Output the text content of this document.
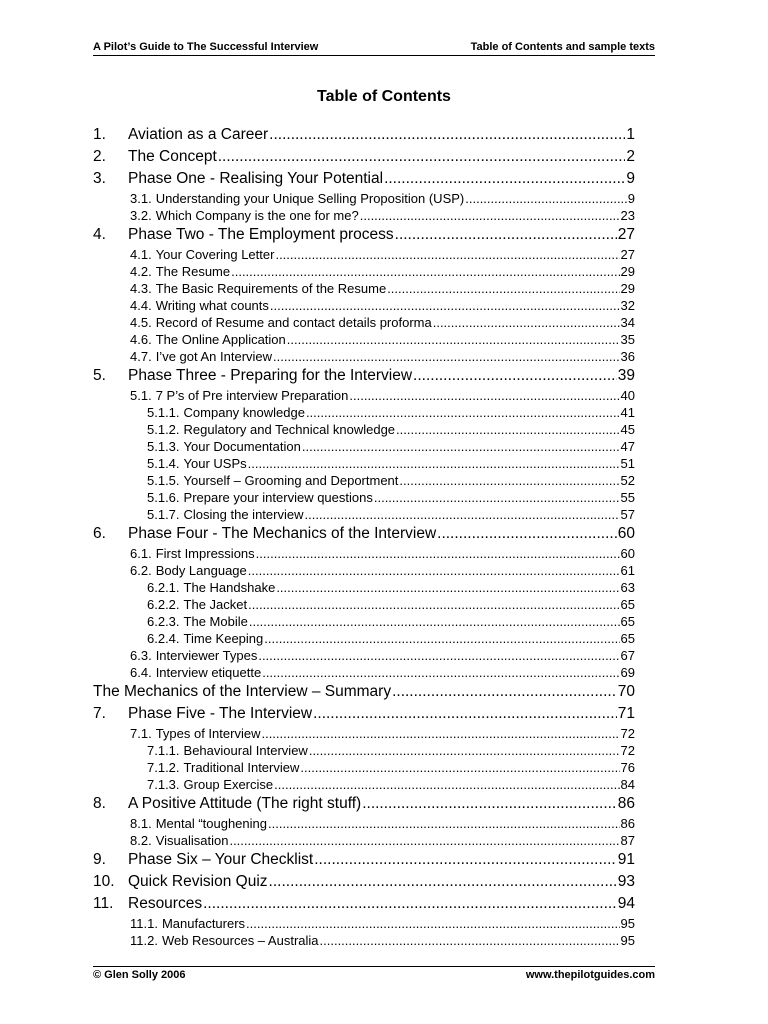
A Pilot’s Guide to The Successful Interview	Table of Contents and sample texts
Table of Contents
1.	Aviation as a Career .....	1
2.	The Concept .....	2
3.	Phase One - Realising Your Potential .....	9
3.1. Understanding your Unique Selling Proposition (USP) .....	9
3.2. Which Company is the one for me? .....	23
4.	Phase Two - The Employment process .....	27
4.1. Your Covering Letter .....	27
4.2. The Resume .....	29
4.3. The Basic Requirements of the Resume .....	29
4.4. Writing what counts .....	32
4.5. Record of Resume and contact details proforma .....	34
4.6. The Online Application .....	35
4.7. I’ve got An Interview .....	36
5.	Phase Three - Preparing for the Interview .....	39
5.1. 7 P’s of Pre interview Preparation .....	40
5.1.1. Company knowledge .....	41
5.1.2. Regulatory and Technical knowledge .....	45
5.1.3. Your Documentation .....	47
5.1.4. Your USPs .....	51
5.1.5. Yourself – Grooming and Deportment .....	52
5.1.6. Prepare your interview questions .....	55
5.1.7. Closing the interview .....	57
6.	Phase Four - The Mechanics of the Interview .....	60
6.1. First Impressions .....	60
6.2. Body Language .....	61
6.2.1. The Handshake .....	63
6.2.2. The Jacket .....	65
6.2.3. The Mobile .....	65
6.2.4. Time Keeping .....	65
6.3. Interviewer Types .....	67
6.4. Interview etiquette .....	69
The Mechanics of the Interview – Summary .....	70
7.	Phase Five - The Interview .....	71
7.1. Types of Interview .....	72
7.1.1. Behavioural Interview .....	72
7.1.2. Traditional Interview .....	76
7.1.3. Group Exercise .....	84
8.	A Positive Attitude (The right stuff) .....	86
8.1. Mental “toughening .....	86
8.2. Visualisation .....	87
9.	Phase Six – Your Checklist .....	91
10. Quick Revision Quiz .....	93
11. Resources .....	94
11.1. Manufacturers .....	95
11.2. Web Resources – Australia .....	95
© Glen Solly 2006	www.thepilotguides.com
